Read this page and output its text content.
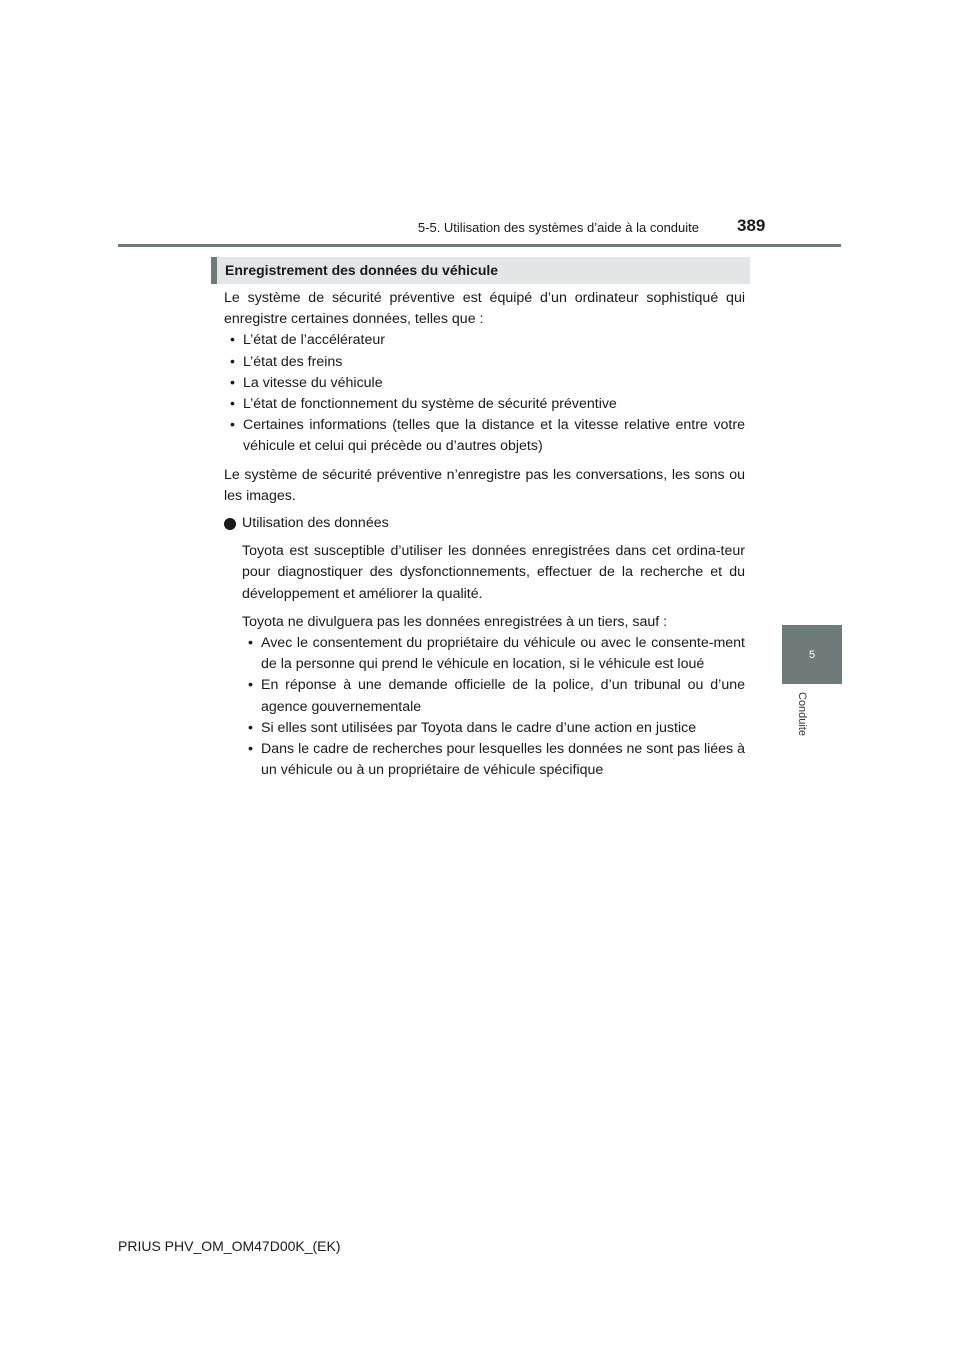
5-5. Utilisation des systèmes d’aide à la conduite 389
5
Conduite
Enregistrement des données du véhicule

Le système de sécurité préventive est équipé d’un ordinateur sophistiqué qui enregistre certaines données, telles que :

• L’état de l’accélérateur
• L’état des freins
• La vitesse du véhicule
• L’état de fonctionnement du système de sécurité préventive
• Certaines informations (telles que la distance et la vitesse relative entre votre véhicule et celui qui précède ou d’autres objets)

Le système de sécurité préventive n’enregistre pas les conversations, les sons ou les images.

Utilisation des données

Toyota est susceptible d’utiliser les données enregistrées dans cet ordina-teur pour diagnostiquer des dysfonctionnements, effectuer de la recherche et du développement et améliorer la qualité.

Toyota ne divulguera pas les données enregistrées à un tiers, sauf :

• Avec le consentement du propriétaire du véhicule ou avec le consente-ment de la personne qui prend le véhicule en location, si le véhicule est loué
• En réponse à une demande officielle de la police, d’un tribunal ou d’une agence gouvernementale
• Si elles sont utilisées par Toyota dans le cadre d’une action en justice
• Dans le cadre de recherches pour lesquelles les données ne sont pas liées à un véhicule ou à un propriétaire de véhicule spécifique
PRIUS PHV_OM_OM47D00K_(EK)
